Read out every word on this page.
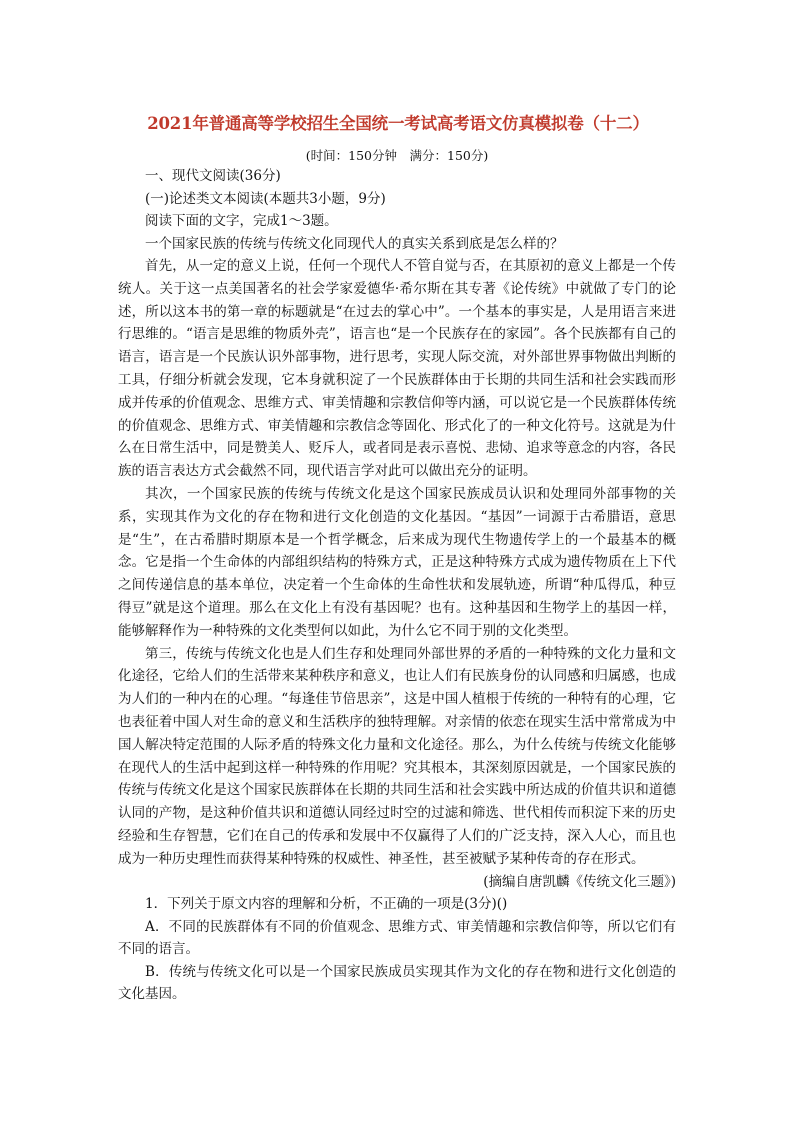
2021年普通高等学校招生全国统一考试高考语文仿真模拟卷（十二）
(时间：150分钟　满分：150分)

一、现代文阅读(36分)

(一)论述类文本阅读(本题共3小题，9分)

阅读下面的文字，完成1～3题。

一个国家民族的传统与传统文化同现代人的真实关系到底是怎么样的？

首先，从一定的意义上说，任何一个现代人不管自觉与否，在其原初的意义上都是一个传统人。关于这一点美国著名的社会学家爱德华·希尔斯在其专著《论传统》中就做了专门的论述，所以这本书的第一章的标题就是“在过去的掌心中”。一个基本的事实是，人是用语言来进行思维的。“语言是思维的物质外壳”，语言也“是一个民族存在的家园”。各个民族都有自己的语言，语言是一个民族认识外部事物，进行思考，实现人际交流，对外部世界事物做出判断的工具，仔细分析就会发现，它本身就积淀了一个民族群体由于长期的共同生活和社会实践而形成并传承的价值观念、思维方式、审美情趣和宗教信仰等内涵，可以说它是一个民族群体传统的价值观念、思维方式、审美情趣和宗教信念等固化、形式化了的一种文化符号。这就是为什么在日常生活中，同是赞美人、贬斥人，或者同是表示喜悦、悲恸、追求等意念的内容，各民族的语言表达方式会截然不同，现代语言学对此可以做出充分的证明。

其次，一个国家民族的传统与传统文化是这个国家民族成员认识和处理同外部事物的关系，实现其作为文化的存在物和进行文化创造的文化基因。“基因”一词源于古希腊语，意思是“生”，在古希腊时期原本是一个哲学概念，后来成为现代生物遗传学上的一个最基本的概念。它是指一个生命体的内部组织结构的特殊方式，正是这种特殊方式成为遗传物质在上下代之间传递信息的基本单位，决定着一个生命体的生命性状和发展轨迹，所谓“种瓜得瓜，种豆得豆”就是这个道理。那么在文化上有没有基因呢？也有。这种基因和生物学上的基因一样，能够解释作为一种特殊的文化类型何以如此，为什么它不同于别的文化类型。

第三，传统与传统文化也是人们生存和处理同外部世界的矛盾的一种特殊的文化力量和文化途径，它给人们的生活带来某种秩序和意义，也让人们有民族身份的认同感和归属感，也成为人们的一种内在的心理。“每逢佳节倍思亲”，这是中国人植根于传统的一种特有的心理，它也表征着中国人对生命的意义和生活秩序的独特理解。对亲情的依恋在现实生活中常常成为中国人解决特定范围的人际矛盾的特殊文化力量和文化途径。那么，为什么传统与传统文化能够在现代人的生活中起到这样一种特殊的作用呢？究其根本，其深刻原因就是，一个国家民族的传统与传统文化是这个国家民族群体在长期的共同生活和社会实践中所达成的价值共识和道德认同的产物，是这种价值共识和道德认同经过时空的过滤和筛选、世代相传而积淀下来的历史经验和生存智慧，它们在自己的传承和发展中不仅赢得了人们的广泛支持，深入人心，而且也成为一种历史理性而获得某种特殊的权威性、神圣性，甚至被赋予某种传奇的存在形式。

(摘编自唐凯麟《传统文化三题》)

1．下列关于原文内容的理解和分析，不正确的一项是(3分)()

A．不同的民族群体有不同的价值观念、思维方式、审美情趣和宗教信仰等，所以它们有不同的语言。

B．传统与传统文化可以是一个国家民族成员实现其作为文化的存在物和进行文化创造的文化基因。
